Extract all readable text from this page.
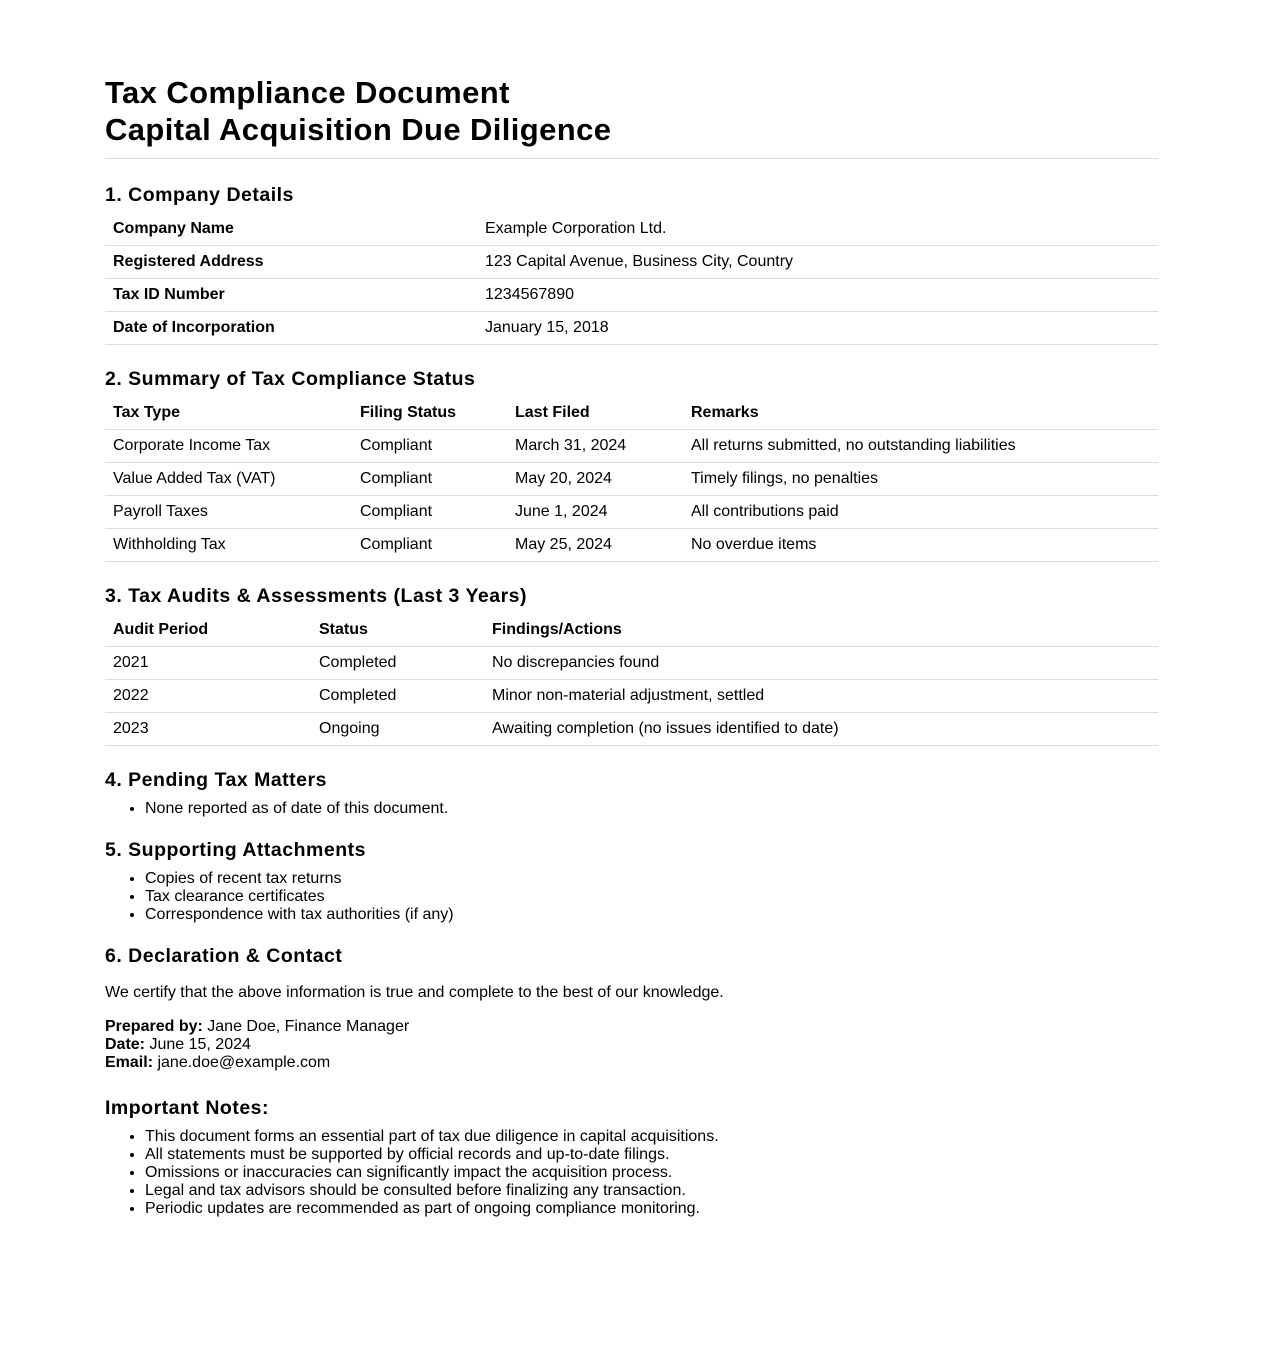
Tax Compliance Document
Capital Acquisition Due Diligence
1. Company Details
Company Name	Example Corporation Ltd.
Registered Address	123 Capital Avenue, Business City, Country
Tax ID Number	1234567890
Date of Incorporation	January 15, 2018
2. Summary of Tax Compliance Status
Tax Type	Filing Status	Last Filed	Remarks
Corporate Income Tax	Compliant	March 31, 2024	All returns submitted, no outstanding liabilities
Value Added Tax (VAT)	Compliant	May 20, 2024	Timely filings, no penalties
Payroll Taxes	Compliant	June 1, 2024	All contributions paid
Withholding Tax	Compliant	May 25, 2024	No overdue items
3. Tax Audits & Assessments (Last 3 Years)
Audit Period	Status	Findings/Actions
2021	Completed	No discrepancies found
2022	Completed	Minor non-material adjustment, settled
2023	Ongoing	Awaiting completion (no issues identified to date)
4. Pending Tax Matters
• None reported as of date of this document.
5. Supporting Attachments
• Copies of recent tax returns
• Tax clearance certificates
• Correspondence with tax authorities (if any)
6. Declaration & Contact

We certify that the above information is true and complete to the best of our knowledge.

Prepared by: Jane Doe, Finance Manager
Date: June 15, 2024
Email: jane.doe@example.com
Important Notes:
• This document forms an essential part of tax due diligence in capital acquisitions.
• All statements must be supported by official records and up-to-date filings.
• Omissions or inaccuracies can significantly impact the acquisition process.
• Legal and tax advisors should be consulted before finalizing any transaction.
• Periodic updates are recommended as part of ongoing compliance monitoring.
